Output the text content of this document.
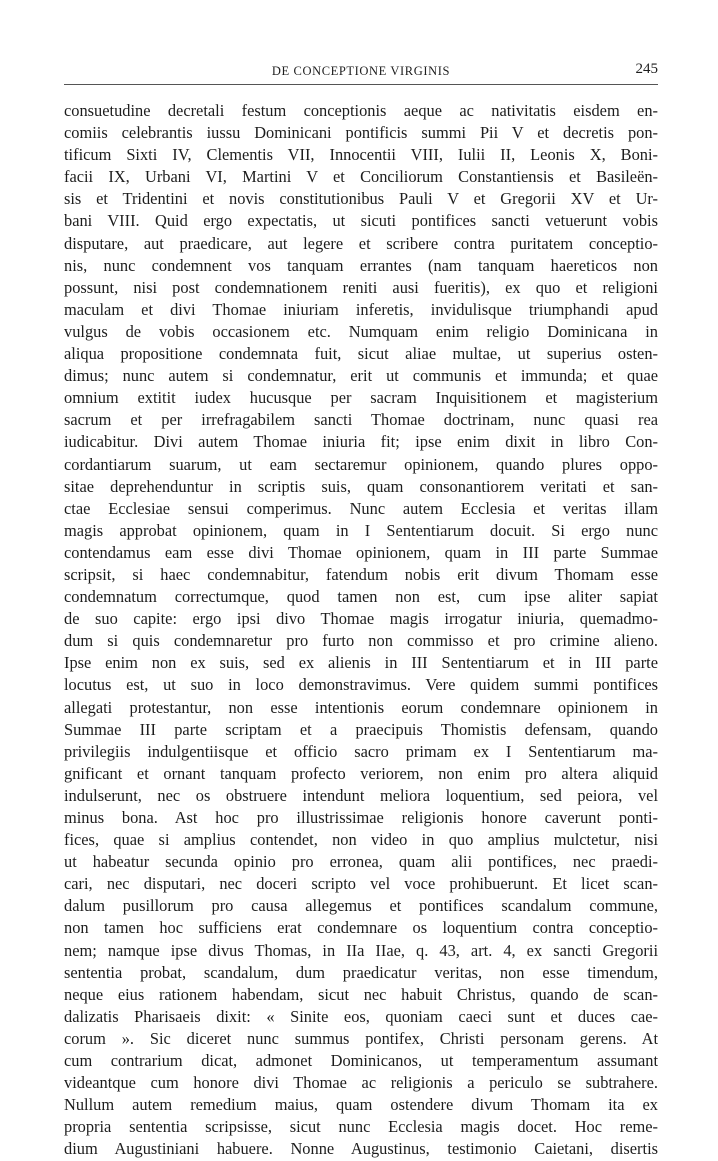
DE CONCEPTIONE VIRGINIS	245
consuetudine decretali festum conceptionis aeque ac nativitatis eisdem en-
comiis celebrantis iussu Dominicani pontificis summi Pii V et decretis pon-
tificum Sixti IV, Clementis VII, Innocentii VIII, Iulii II, Leonis X, Boni-
facii IX, Urbani VI, Martini V et Conciliorum Constantiensis et Basileën-
sis et Tridentini et novis constitutionibus Pauli V et Gregorii XV et Ur-
bani VIII. Quid ergo expectatis, ut sicuti pontifices sancti vetuerunt vobis
disputare, aut praedicare, aut legere et scribere contra puritatem conceptio-
nis, nunc condemnent vos tanquam errantes (nam tanquam haereticos non
possunt, nisi post condemnationem reniti ausi fueritis), ex quo et religioni
maculam et divi Thomae iniuriam inferetis, invidulisque triumphandi apud
vulgus de vobis occasionem etc. Numquam enim religio Dominicana in
aliqua propositione condemnata fuit, sicut aliae multae, ut superius osten-
dimus; nunc autem si condemnatur, erit ut communis et immunda; et quae
omnium extitit iudex hucusque per sacram Inquisitionem et magisterium
sacrum et per irrefragabilem sancti Thomae doctrinam, nunc quasi rea
iudicabitur. Divi autem Thomae iniuria fit; ipse enim dixit in libro Con-
cordantiarum suarum, ut eam sectaremur opinionem, quando plures oppo-
sitae deprehenduntur in scriptis suis, quam consonantiorem veritati et san-
ctae Ecclesiae sensui comperimus. Nunc autem Ecclesia et veritas illam
magis approbat opinionem, quam in I Sententiarum docuit. Si ergo nunc
contendamus eam esse divi Thomae opinionem, quam in III parte Summae
scripsit, si haec condemnabitur, fatendum nobis erit divum Thomam esse
condemnatum correctumque, quod tamen non est, cum ipse aliter sapiat
de suo capite: ergo ipsi divo Thomae magis irrogatur iniuria, quemadmo-
dum si quis condemnaretur pro furto non commisso et pro crimine alieno.
Ipse enim non ex suis, sed ex alienis in III Sententiarum et in III parte
locutus est, ut suo in loco demonstravimus. Vere quidem summi pontifices
allegati protestantur, non esse intentionis eorum condemnare opinionem in
Summae III parte scriptam et a praecipuis Thomistis defensam, quando
privilegiis indulgentiisque et officio sacro primam ex I Sententiarum ma-
gnificant et ornant tanquam profecto veriorem, non enim pro altera aliquid
indulserunt, nec os obstruere intendunt meliora loquentium, sed peiora, vel
minus bona. Ast hoc pro illustrissimae religionis honore caverunt ponti-
fices, quae si amplius contendet, non video in quo amplius mulctetur, nisi
ut habeatur secunda opinio pro erronea, quam alii pontifices, nec praedi-
cari, nec disputari, nec doceri scripto vel voce prohibuerunt. Et licet scan-
dalum pusillorum pro causa allegemus et pontifices scandalum commune,
non tamen hoc sufficiens erat condemnare os loquentium contra conceptio-
nem; namque ipse divus Thomas, in IIa IIae, q. 43, art. 4, ex sancti Gregorii
sententia probat, scandalum, dum praedicatur veritas, non esse timendum,
neque eius rationem habendam, sicut nec habuit Christus, quando de scan-
dalizatis Pharisaeis dixit: « Sinite eos, quoniam caeci sunt et duces cae-
corum ». Sic diceret nunc summus pontifex, Christi personam gerens. At
cum contrarium dicat, admonet Dominicanos, ut temperamentum assumant
videantque cum honore divi Thomae ac religionis a periculo se subtrahere.
Nullum autem remedium maius, quam ostendere divum Thomam ita ex
propria sententia scripsisse, sicut nunc Ecclesia magis docet. Hoc reme-
dium Augustiniani habuere. Nonne Augustinus, testimonio Caietani, disertis
